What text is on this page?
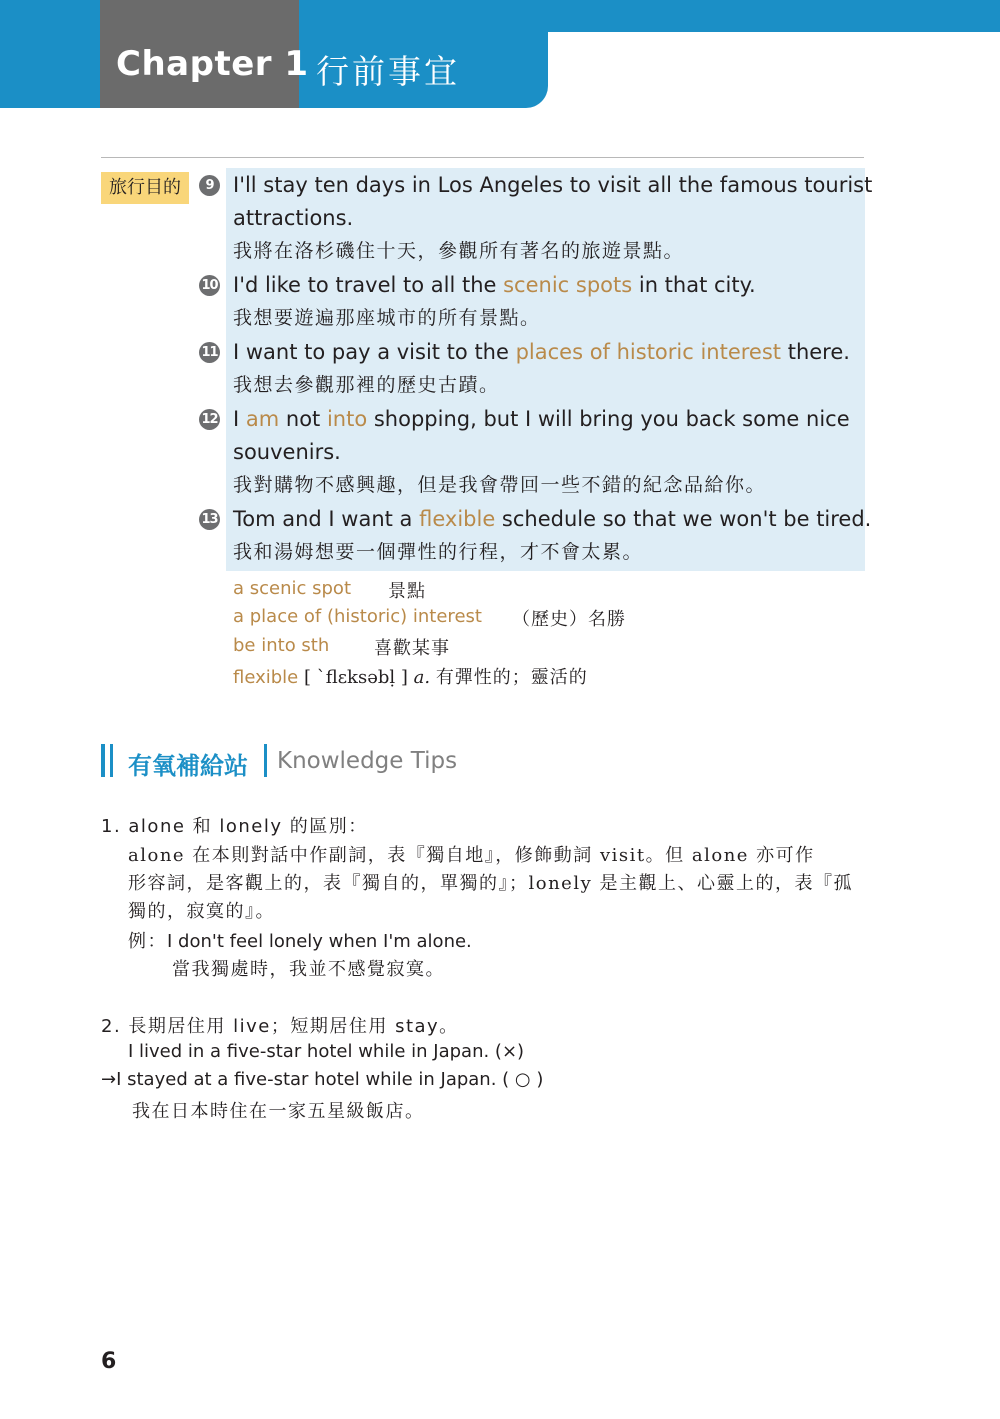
Chapter 1 行前事宜
旅行目的	9 I'll stay ten days in Los Angeles to visit all the famous tourist
attractions.
我將在洛杉磯住十天，參觀所有著名的旅遊景點。
10 I'd like to travel to all the scenic spots in that city.
我想要遊遍那座城市的所有景點。
11 I want to pay a visit to the places of historic interest there.
我想去參觀那裡的歷史古蹟。
12 I am not into shopping, but I will bring you back some nice
souvenirs.
我對購物不感興趣，但是我會帶回一些不錯的紀念品給你。
13 Tom and I want a flexible schedule so that we won't be tired.
我和湯姆想要一個彈性的行程，才不會太累。
a scenic spot 景點
a place of (historic) interest （歷史）名勝
be into sth 喜歡某事
flexible [ ˋflɛksəbḷ ] a. 有彈性的；靈活的
有氧補給站 Knowledge Tips
1. alone 和 lonely 的區別：
alone 在本則對話中作副詞，表『獨自地』，修飾動詞 visit。但 alone 亦可作
形容詞，是客觀上的，表『獨自的，單獨的』；lonely 是主觀上、心靈上的，表『孤
獨的，寂寞的』。
例：I don't feel lonely when I'm alone.
當我獨處時，我並不感覺寂寞。
2. 長期居住用 live；短期居住用 stay。
I lived in a five-star hotel while in Japan. (×)
→I stayed at a five-star hotel while in Japan. ( ○ )
我在日本時住在一家五星級飯店。
6
